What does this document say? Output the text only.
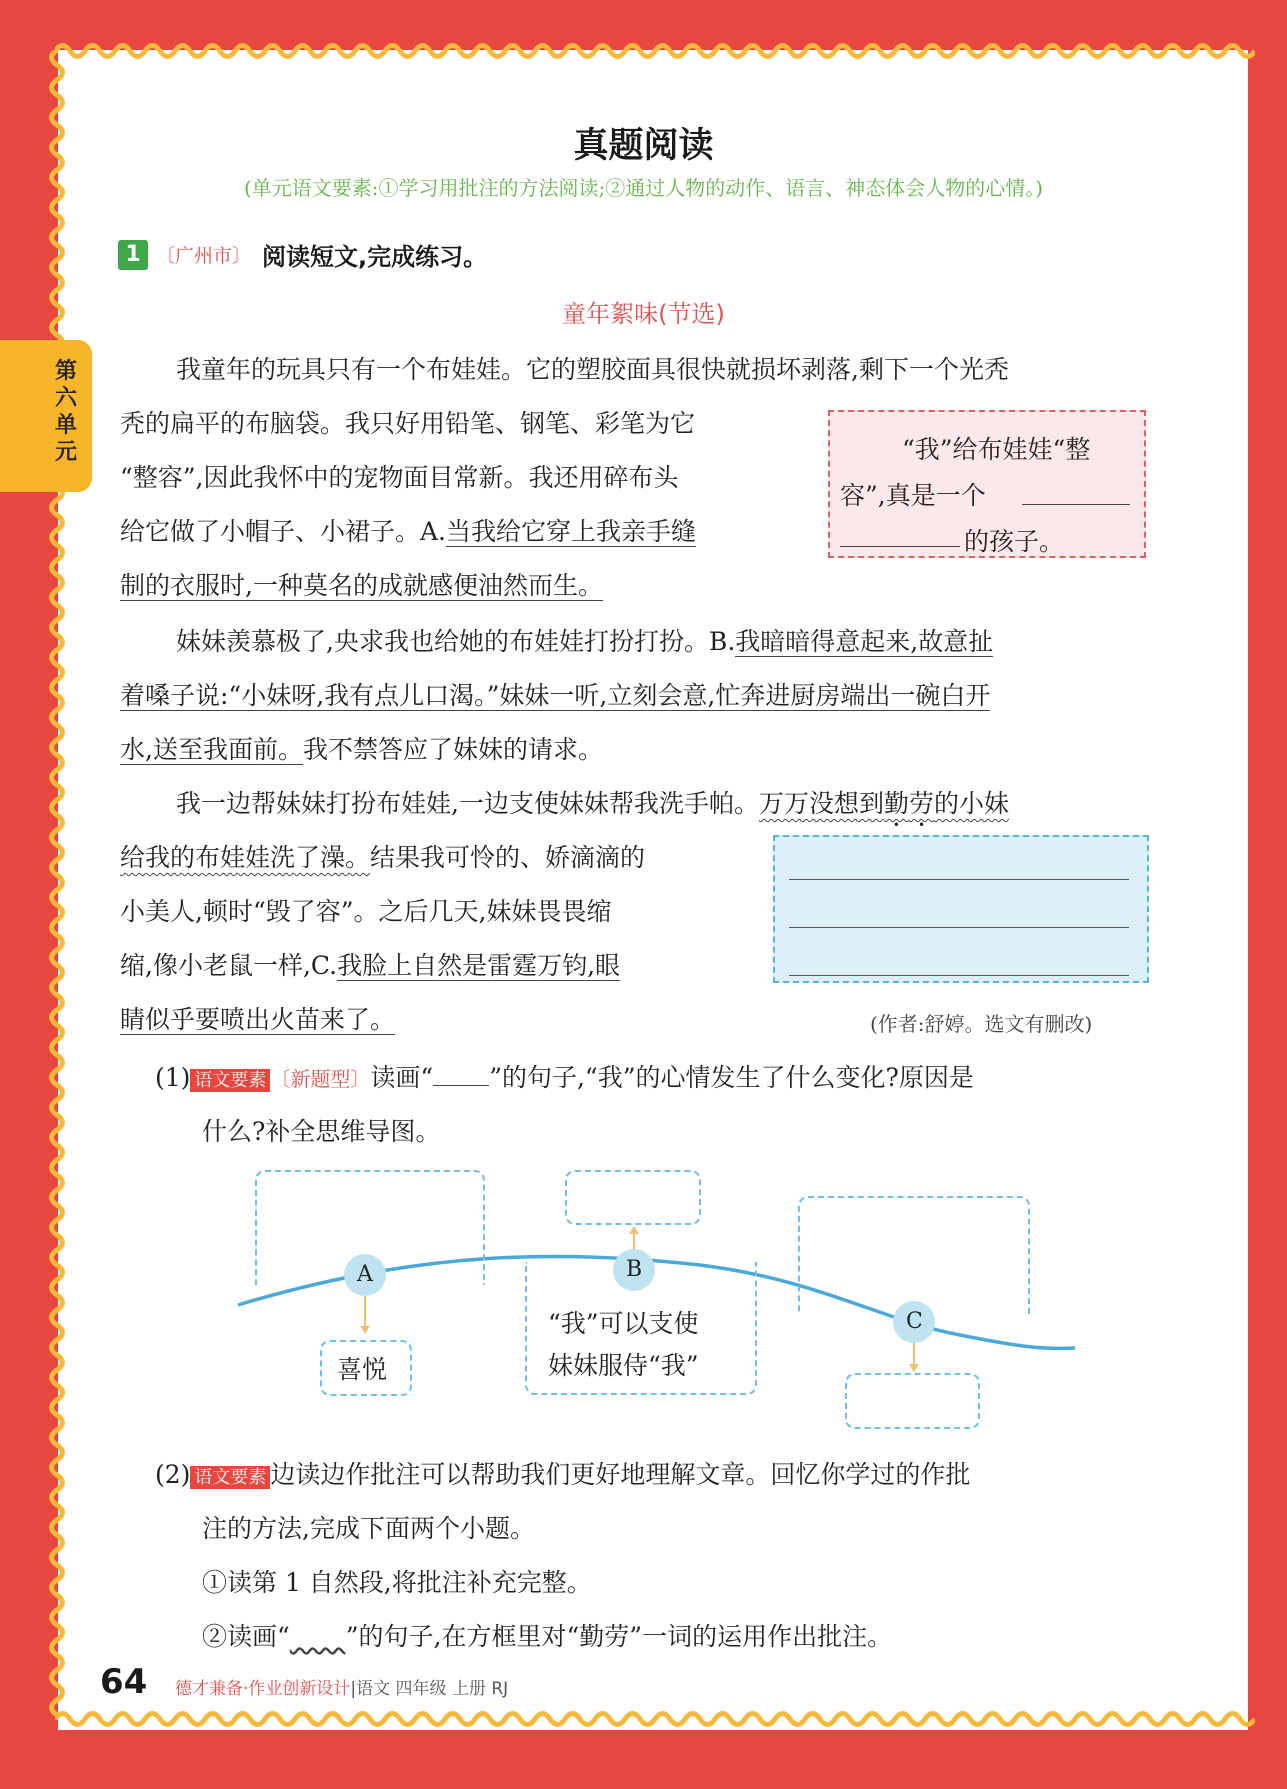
第六单元
真题阅读
(单元语文要素:①学习用批注的方法阅读;②通过人物的动作、语言、神态体会人物的心情。)
1 〔广州市〕 阅读短文,完成练习。
童年絮味(节选)
我童年的玩具只有一个布娃娃。它的塑胶面具很快就损坏剥落,剩下一个光秃
秃的扁平的布脑袋。我只好用铅笔、钢笔、彩笔为它
“整容”,因此我怀中的宠物面目常新。我还用碎布头
给它做了小帽子、小裙子。A.当我给它穿上我亲手缝
制的衣服时,一种莫名的成就感便油然而生。
“我”给布娃娃“整
容”,真是一个
的孩子。
妹妹羡慕极了,央求我也给她的布娃娃打扮打扮。B.我暗暗得意起来,故意扯
着嗓子说:“小妹呀,我有点儿口渴。”妹妹一听,立刻会意,忙奔进厨房端出一碗白开
水,送至我面前。我不禁答应了妹妹的请求。
我一边帮妹妹打扮布娃娃,一边支使妹妹帮我洗手帕。万万没想到勤劳的小妹
给我的布娃娃洗了澡。结果我可怜的、娇滴滴的
小美人,顿时“毁了容”。之后几天,妹妹畏畏缩
缩,像小老鼠一样,C.我脸上自然是雷霆万钧,眼
睛似乎要喷出火苗来了。	(作者:舒婷。选文有删改)
(1) 语文要素 〔新题型〕读画“ ”的句子,“我”的心情发生了什么变化?原因是
什么?补全思维导图。
A	B
C
喜悦
“我”可以支使
妹妹服侍“我”
(2) 语文要素 边读边作批注可以帮助我们更好地理解文章。回忆你学过的作批
注的方法,完成下面两个小题。
①读第 1 自然段,将批注补充完整。
②读画“ ”的句子,在方框里对“勤劳”一词的运用作出批注。
64 德才兼备·作业创新设计|语文 四年级 上册 RJ
